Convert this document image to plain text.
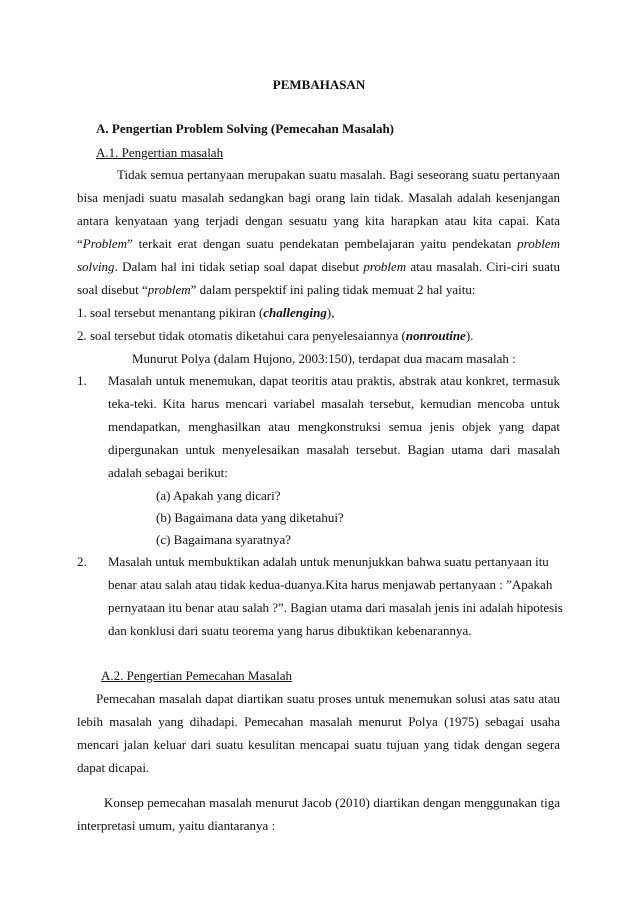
PEMBAHASAN
A. Pengertian Problem Solving (Pemecahan Masalah)
A.1. Pengertian masalah
Tidak semua pertanyaan merupakan suatu masalah. Bagi seseorang suatu pertanyaan
bisa menjadi suatu masalah sedangkan bagi orang lain tidak. Masalah adalah kesenjangan
antara kenyataan yang terjadi dengan sesuatu yang kita harapkan atau kita capai. Kata
“Problem” terkait erat dengan suatu pendekatan pembelajaran yaitu pendekatan problem
solving. Dalam hal ini tidak setiap soal dapat disebut problem atau masalah. Ciri-ciri suatu
soal disebut “problem” dalam perspektif ini paling tidak memuat 2 hal yaitu:
1. soal tersebut menantang pikiran (challenging),
2. soal tersebut tidak otomatis diketahui cara penyelesaiannya (nonroutine).
Munurut Polya (dalam Hujono, 2003:150), terdapat dua macam masalah :
1. Masalah untuk menemukan, dapat teoritis atau praktis, abstrak atau konkret, termasuk
teka-teki. Kita harus mencari variabel masalah tersebut, kemudian mencoba untuk
mendapatkan, menghasilkan atau mengkonstruksi semua jenis objek yang dapat
dipergunakan untuk menyelesaikan masalah tersebut. Bagian utama dari masalah
adalah sebagai berikut:
(a) Apakah yang dicari?
(b) Bagaimana data yang diketahui?
(c) Bagaimana syaratnya?
2. Masalah untuk membuktikan adalah untuk menunjukkan bahwa suatu pertanyaan itu
benar atau salah atau tidak kedua-duanya.Kita harus menjawab pertanyaan : ”Apakah
pernyataan itu benar atau salah ?”. Bagian utama dari masalah jenis ini adalah hipotesis
dan konklusi dari suatu teorema yang harus dibuktikan kebenarannya.
A.2. Pengertian Pemecahan Masalah
Pemecahan masalah dapat diartikan suatu proses untuk menemukan solusi atas satu atau
lebih masalah yang dihadapi. Pemecahan masalah menurut Polya (1975) sebagai usaha
mencari jalan keluar dari suatu kesulitan mencapai suatu tujuan yang tidak dengan segera
dapat dicapai.
Konsep pemecahan masalah menurut Jacob (2010) diartikan dengan menggunakan tiga
interpretasi umum, yaitu diantaranya :
